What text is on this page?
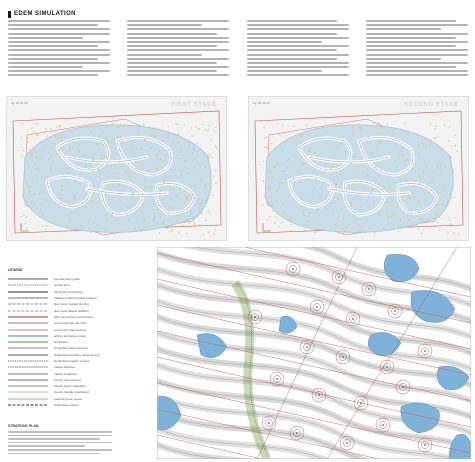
EDEM SIMULATION
ag. 85 01 00	FIRST STAGE	ag. 85 02 00	SECOND STAGE
LEGEND
internal paving plan
private land
parcel 01 construction
tradition strand (market location)
flow trend (market priority)
flow trend (lateral stability)
light connectivity construction
community plan element
community plan connect
activity landscape parks
shelterbelt
shelterbelt path extension
shelterbelt boundary development
shelterbelt location context
market direction
market neighbour
interior plan element
interior green cultivation
interior triangle subdivision
external green space
shelterbelt outlook
STRATEGIC PLAN
